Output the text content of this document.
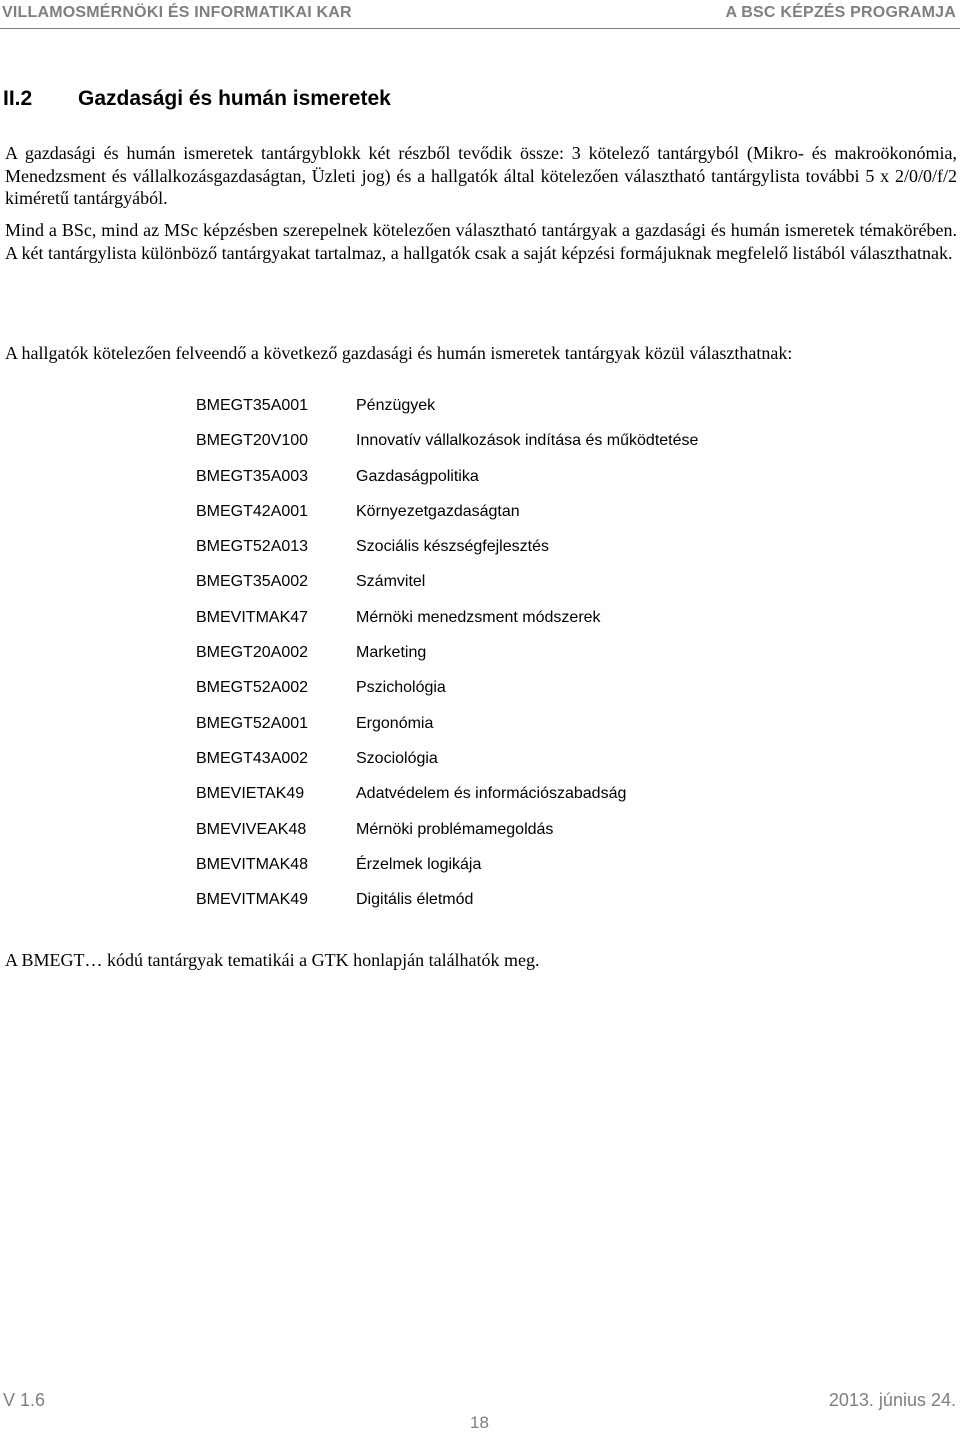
VILLAMOSMÉRNÖKI ÉS INFORMATIKAI KAR	A BSC KÉPZÉS PROGRAMJA
II.2 Gazdasági és humán ismeretek
A gazdasági és humán ismeretek tantárgyblokk két részből tevődik össze: 3 kötelező tantárgyból (Mikro- és makroökonómia, Menedzsment és vállalkozásgazdaságtan, Üzleti jog) és a hallgatók által kötelezően választható tantárgylista további 5 x 2/0/0/f/2 kiméretű tantárgyából.
Mind a BSc, mind az MSc képzésben szerepelnek kötelezően választható tantárgyak a gazdasági és humán ismeretek témakörében. A két tantárgylista különböző tantárgyakat tartalmaz, a hallgatók csak a saját képzési formájuknak megfelelő listából választhatnak.
A hallgatók kötelezően felveendő a következő gazdasági és humán ismeretek tantárgyak közül választhatnak:
BMEGT35A001	Pénzügyek
BMEGT20V100	Innovatív vállalkozások indítása és működtetése
BMEGT35A003	Gazdaságpolitika
BMEGT42A001	Környezetgazdaságtan
BMEGT52A013	Szociális készségfejlesztés
BMEGT35A002	Számvitel
BMEVITMAK47	Mérnöki menedzsment módszerek
BMEGT20A002	Marketing
BMEGT52A002	Pszichológia
BMEGT52A001	Ergonómia
BMEGT43A002	Szociológia
BMEVIETAK49	Adatvédelem és információszabadság
BMEVIVEAK48	Mérnöki problémamegoldás
BMEVITMAK48	Érzelmek logikája
BMEVITMAK49	Digitális életmód
A BMEGT… kódú tantárgyak tematikái a GTK honlapján találhatók meg.
V 1.6	2013. június 24.
18
